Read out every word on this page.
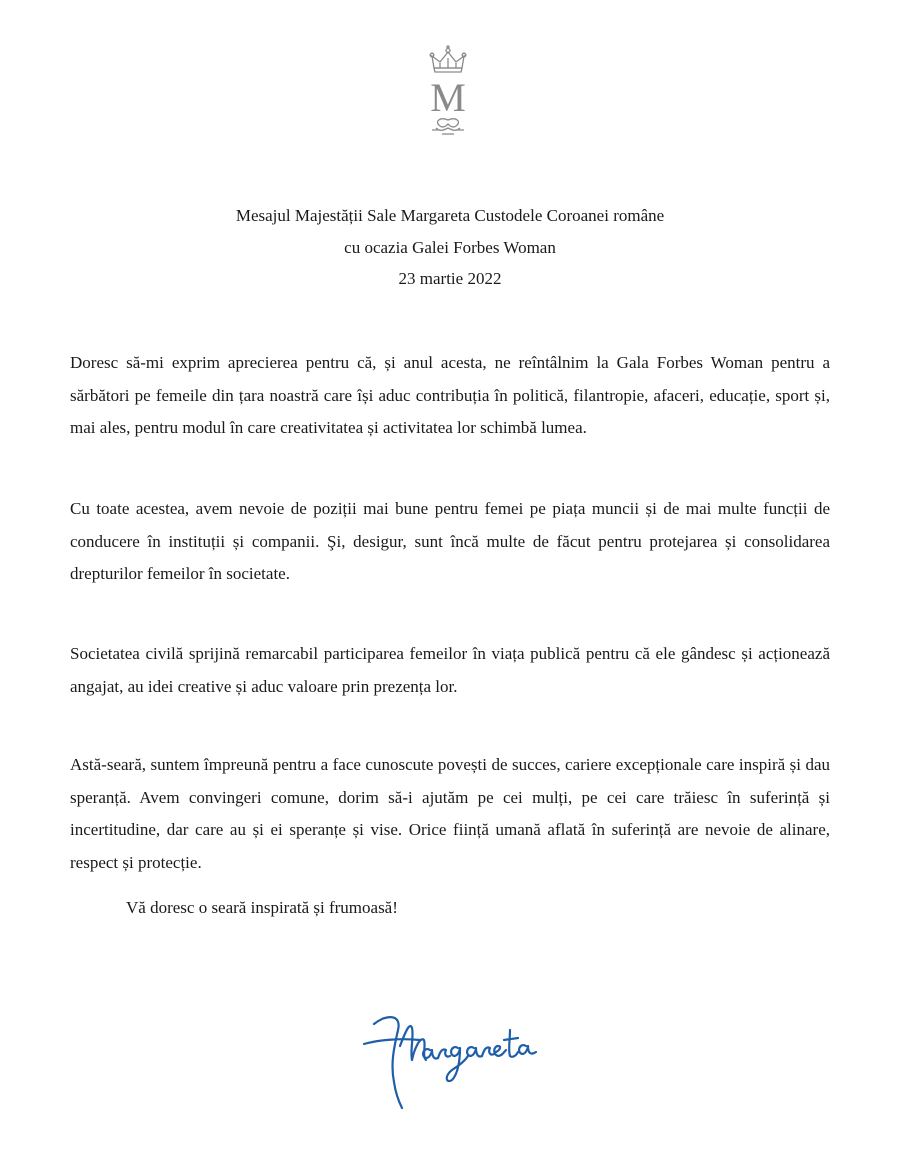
M
Mesajul Majestății Sale Margareta Custodele Coroanei române
cu ocazia Galei Forbes Woman
23 martie 2022

Doresc să-mi exprim aprecierea pentru că, și anul acesta, ne reîntâlnim la Gala Forbes Woman pentru a sărbători pe femeile din țara noastră care își aduc contribuția în politică, filantropie, afaceri, educație, sport și, mai ales, pentru modul în care creativitatea și activitatea lor schimbă lumea.

Cu toate acestea, avem nevoie de poziții mai bune pentru femei pe piața muncii și de mai multe funcții de conducere în instituții și companii. Şi, desigur, sunt încă multe de făcut pentru protejarea și consolidarea drepturilor femeilor în societate.

Societatea civilă sprijină remarcabil participarea femeilor în viața publică pentru că ele gândesc și acționează angajat, au idei creative și aduc valoare prin prezența lor.

Astă-seară, suntem împreună pentru a face cunoscute povești de succes, cariere excepționale care inspiră și dau speranță. Avem convingeri comune, dorim să-i ajutăm pe cei mulți, pe cei care trăiesc în suferință și incertitudine, dar care au și ei speranțe și vise. Orice ființă umană aflată în suferință are nevoie de alinare, respect și protecție.

Vă doresc o seară inspirată și frumoasă!
